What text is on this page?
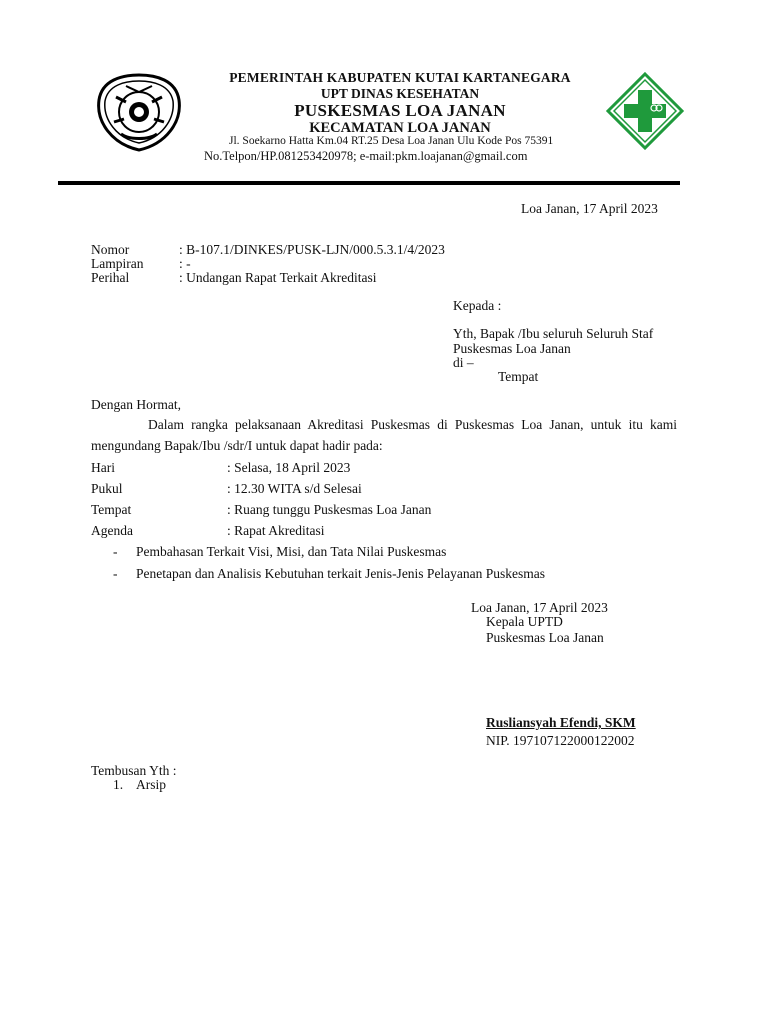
PEMERINTAH KABUPATEN KUTAI KARTANEGARA
UPT DINAS KESEHATAN
PUSKESMAS LOA JANAN
KECAMATAN LOA JANAN
Jl. Soekarno Hatta Km.04 RT.25 Desa Loa Janan Ulu Kode Pos 75391
No.Telpon/HP.081253420978; e-mail:pkm.loajanan@gmail.com
Loa Janan, 17 April 2023
Nomor	: B-107.1/DINKES/PUSK-LJN/000.5.3.1/4/2023
Lampiran	: -
Perihal	: Undangan Rapat Terkait Akreditasi
Kepada :
Yth, Bapak /Ibu seluruh Seluruh Staf
Puskesmas Loa Janan
di –
Tempat
Dengan Hormat,
Dalam rangka pelaksanaan Akreditasi Puskesmas di Puskesmas Loa Janan, untuk itu kami mengundang Bapak/Ibu /sdr/I untuk dapat hadir pada:
Hari	: Selasa, 18 April 2023
Pukul	: 12.30 WITA s/d Selesai
Tempat	: Ruang tunggu Puskesmas Loa Janan
Agenda	: Rapat Akreditasi
- Pembahasan Terkait Visi, Misi, dan Tata Nilai Puskesmas
- Penetapan dan Analisis Kebutuhan terkait Jenis-Jenis Pelayanan Puskesmas
Loa Janan, 17 April 2023
Kepala UPTD
Puskesmas Loa Janan
Rusliansyah Efendi, SKM
NIP. 197107122000122002
Tembusan Yth :
1. Arsip
